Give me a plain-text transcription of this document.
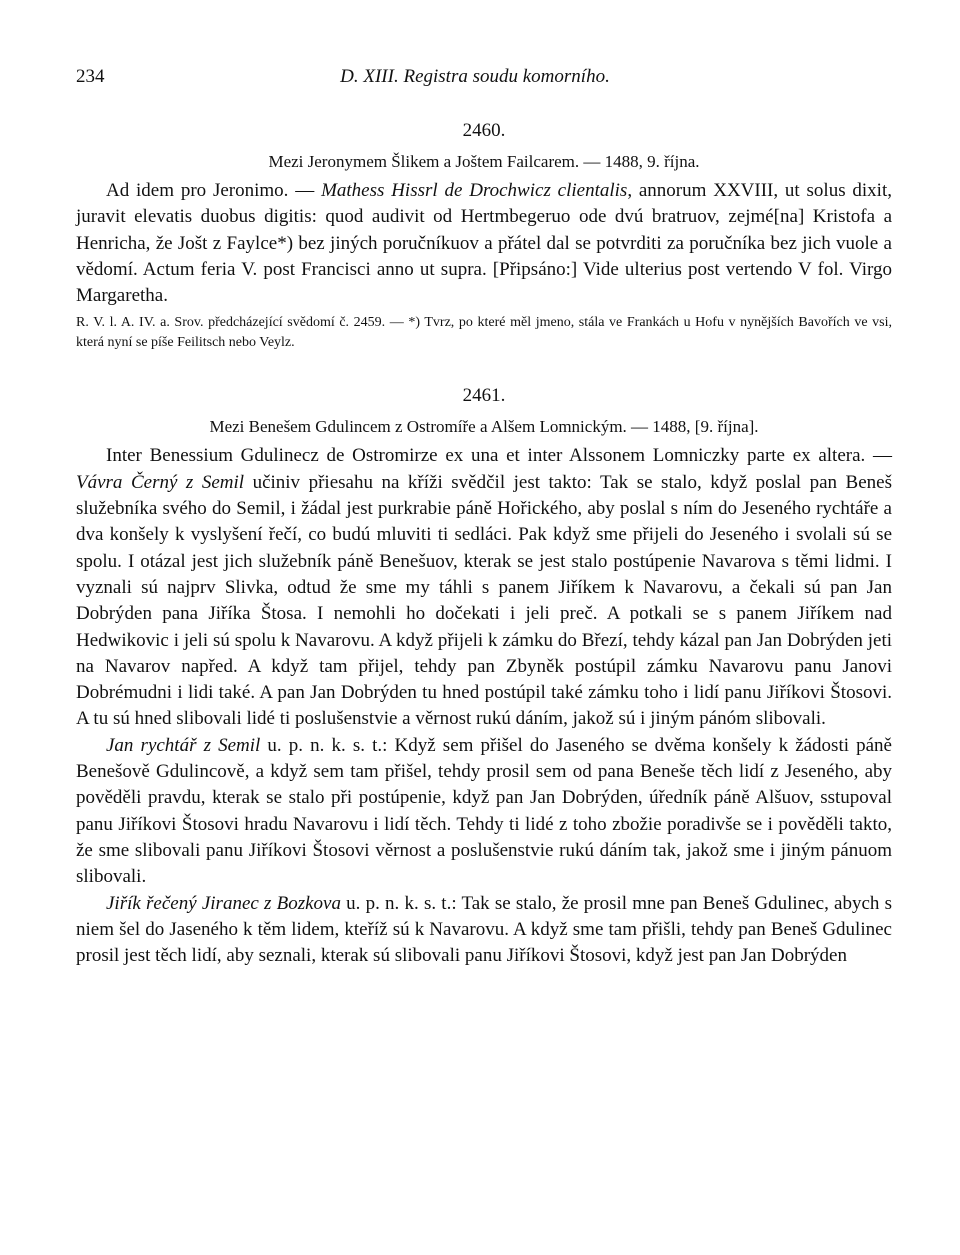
234	D. XIII. Registra soudu komorního.

2460.

Mezi Jeronymem Šlikem a Joštem Failcarem. — 1488, 9. října.

Ad idem pro Jeronimo. — Mathess Hissrl de Drochwicz clientalis, annorum XXVIII, ut solus dixit, juravit elevatis duobus digitis: quod audivit od Hertmbegeruo ode dvú bratruov, zejmé[na] Kristofa a Henricha, že Jošt z Faylce*) bez jiných poručníkuov a přátel dal se potvrditi za poručníka bez jich vuole a vědomí. Actum feria V. post Francisci anno ut supra. [Připsáno:] Vide ulterius post vertendo V fol. Virgo Margaretha.

R. V. l. A. IV. a. Srov. předcházející svědomí č. 2459. — *) Tvrz, po které měl jmeno, stála ve Frankách u Hofu v nynějších Bavořích ve vsi, která nyní se píše Feilitsch nebo Veylz.

2461.

Mezi Benešem Gdulincem z Ostromíře a Alšem Lomnickým. — 1488, [9. října].

Inter Benessium Gdulinecz de Ostromirze ex una et inter Alssonem Lomniczky parte ex altera. — Vávra Černý z Semil učiniv přiesahu na kříži svědčil jest takto: Tak se stalo, když poslal pan Beneš služebníka svého do Semil, i žádal jest purkrabie páně Hořického, aby poslal s ním do Jeseného rychtáře a dva konšely k vyslyšení řečí, co budú mluviti ti sedláci. Pak když sme přijeli do Jeseného i svolali sú se spolu. I otázal jest jich služebník páně Benešuov, kterak se jest stalo postúpenie Navarova s těmi lidmi. I vyznali sú najprv Slivka, odtud že sme my táhli s panem Jiříkem k Navarovu, a čekali sú pan Jan Dobrýden pana Jiříka Štosa. I nemohli ho dočekati i jeli preč. A potkali se s panem Jiříkem nad Hedwikovic i jeli sú spolu k Navarovu. A když přijeli k zámku do Březí, tehdy kázal pan Jan Dobrýden jeti na Navarov napřed. A když tam přijel, tehdy pan Zbyněk postúpil zámku Navarovu panu Janovi Dobrémudni i lidi také. A pan Jan Dobrýden tu hned postúpil také zámku toho i lidí panu Jiříkovi Štosovi. A tu sú hned slibovali lidé ti poslušenstvie a věrnost rukú dáním, jakož sú i jiným pánóm slibovali.

Jan rychtář z Semil u. p. n. k. s. t.: Když sem přišel do Jaseného se dvěma konšely k žádosti páně Benešově Gdulincově, a když sem tam přišel, tehdy prosil sem od pana Beneše těch lidí z Jeseného, aby pověděli pravdu, kterak se stalo při postúpenie, když pan Jan Dobrýden, úředník páně Alšuov, sstupoval panu Jiříkovi Štosovi hradu Navarovu i lidí těch. Tehdy ti lidé z toho zbožie poradivše se i pověděli takto, že sme slibovali panu Jiříkovi Štosovi věrnost a poslušenstvie rukú dáním tak, jakož sme i jiným pánuom slibovali.

Jiřík řečený Jiranec z Bozkova u. p. n. k. s. t.: Tak se stalo, že prosil mne pan Beneš Gdulinec, abych s niem šel do Jaseného k těm lidem, kteříž sú k Navarovu. A když sme tam přišli, tehdy pan Beneš Gdulinec prosil jest těch lidí, aby seznali, kterak sú slibovali panu Jiříkovi Štosovi, když jest pan Jan Dobrýden
